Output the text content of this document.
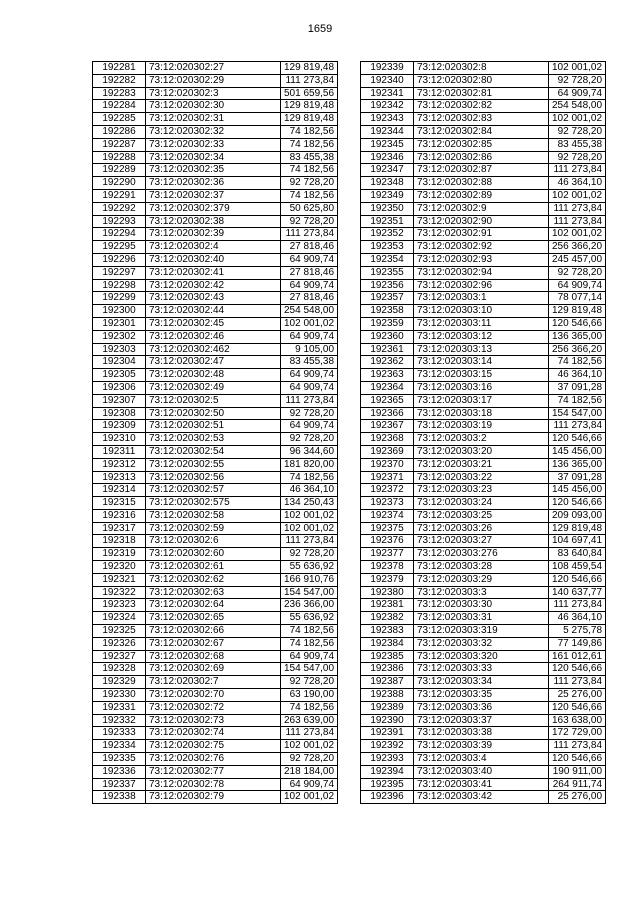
1659
192281	73:12:020302:27	129 819,48
192282	73:12:020302:29	111 273,84
192283	73:12:020302:3	501 659,56
192284	73:12:020302:30	129 819,48
192285	73:12:020302:31	129 819,48
192286	73:12:020302:32	74 182,56
192287	73:12:020302:33	74 182,56
192288	73:12:020302:34	83 455,38
192289	73:12:020302:35	74 182,56
192290	73:12:020302:36	92 728,20
192291	73:12:020302:37	74 182,56
192292	73:12:020302:379	50 625,80
192293	73:12:020302:38	92 728,20
192294	73:12:020302:39	111 273,84
192295	73:12:020302:4	27 818,46
192296	73:12:020302:40	64 909,74
192297	73:12:020302:41	27 818,46
192298	73:12:020302:42	64 909,74
192299	73:12:020302:43	27 818,46
192300	73:12:020302:44	254 548,00
192301	73:12:020302:45	102 001,02
192302	73:12:020302:46	64 909,74
192303	73:12:020302:462	9 105,00
192304	73:12:020302:47	83 455,38
192305	73:12:020302:48	64 909,74
192306	73:12:020302:49	64 909,74
192307	73:12:020302:5	111 273,84
192308	73:12:020302:50	92 728,20
192309	73:12:020302:51	64 909,74
192310	73:12:020302:53	92 728,20
192311	73:12:020302:54	96 344,60
192312	73:12:020302:55	181 820,00
192313	73:12:020302:56	74 182,56
192314	73:12:020302:57	46 364,10
192315	73:12:020302:575	134 250,43
192316	73:12:020302:58	102 001,02
192317	73:12:020302:59	102 001,02
192318	73:12:020302:6	111 273,84
192319	73:12:020302:60	92 728,20
192320	73:12:020302:61	55 636,92
192321	73:12:020302:62	166 910,76
192322	73:12:020302:63	154 547,00
192323	73:12:020302:64	236 366,00
192324	73:12:020302:65	55 636,92
192325	73:12:020302:66	74 182,56
192326	73:12:020302:67	74 182,56
192327	73:12:020302:68	64 909,74
192328	73:12:020302:69	154 547,00
192329	73:12:020302:7	92 728,20
192330	73:12:020302:70	63 190,00
192331	73:12:020302:72	74 182,56
192332	73:12:020302:73	263 639,00
192333	73:12:020302:74	111 273,84
192334	73:12:020302:75	102 001,02
192335	73:12:020302:76	92 728,20
192336	73:12:020302:77	218 184,00
192337	73:12:020302:78	64 909,74
192338	73:12:020302:79	102 001,02
192339	73:12:020302:8	102 001,02
192340	73:12:020302:80	92 728,20
192341	73:12:020302:81	64 909,74
192342	73:12:020302:82	254 548,00
192343	73:12:020302:83	102 001,02
192344	73:12:020302:84	92 728,20
192345	73:12:020302:85	83 455,38
192346	73:12:020302:86	92 728,20
192347	73:12:020302:87	111 273,84
192348	73:12:020302:88	46 364,10
192349	73:12:020302:89	102 001,02
192350	73:12:020302:9	111 273,84
192351	73:12:020302:90	111 273,84
192352	73:12:020302:91	102 001,02
192353	73:12:020302:92	256 366,20
192354	73:12:020302:93	245 457,00
192355	73:12:020302:94	92 728,20
192356	73:12:020302:96	64 909,74
192357	73:12:020303:1	78 077,14
192358	73:12:020303:10	129 819,48
192359	73:12:020303:11	120 546,66
192360	73:12:020303:12	136 365,00
192361	73:12:020303:13	256 366,20
192362	73:12:020303:14	74 182,56
192363	73:12:020303:15	46 364,10
192364	73:12:020303:16	37 091,28
192365	73:12:020303:17	74 182,56
192366	73:12:020303:18	154 547,00
192367	73:12:020303:19	111 273,84
192368	73:12:020303:2	120 546,66
192369	73:12:020303:20	145 456,00
192370	73:12:020303:21	136 365,00
192371	73:12:020303:22	37 091,28
192372	73:12:020303:23	145 456,00
192373	73:12:020303:24	120 546,66
192374	73:12:020303:25	209 093,00
192375	73:12:020303:26	129 819,48
192376	73:12:020303:27	104 697,41
192377	73:12:020303:276	83 640,84
192378	73:12:020303:28	108 459,54
192379	73:12:020303:29	120 546,66
192380	73:12:020303:3	140 637,77
192381	73:12:020303:30	111 273,84
192382	73:12:020303:31	46 364,10
192383	73:12:020303:319	5 275,78
192384	73:12:020303:32	77 149,86
192385	73:12:020303:320	161 012,61
192386	73:12:020303:33	120 546,66
192387	73:12:020303:34	111 273,84
192388	73:12:020303:35	25 276,00
192389	73:12:020303:36	120 546,66
192390	73:12:020303:37	163 638,00
192391	73:12:020303:38	172 729,00
192392	73:12:020303:39	111 273,84
192393	73:12:020303:4	120 546,66
192394	73:12:020303:40	190 911,00
192395	73:12:020303:41	264 911,74
192396	73:12:020303:42	25 276,00
